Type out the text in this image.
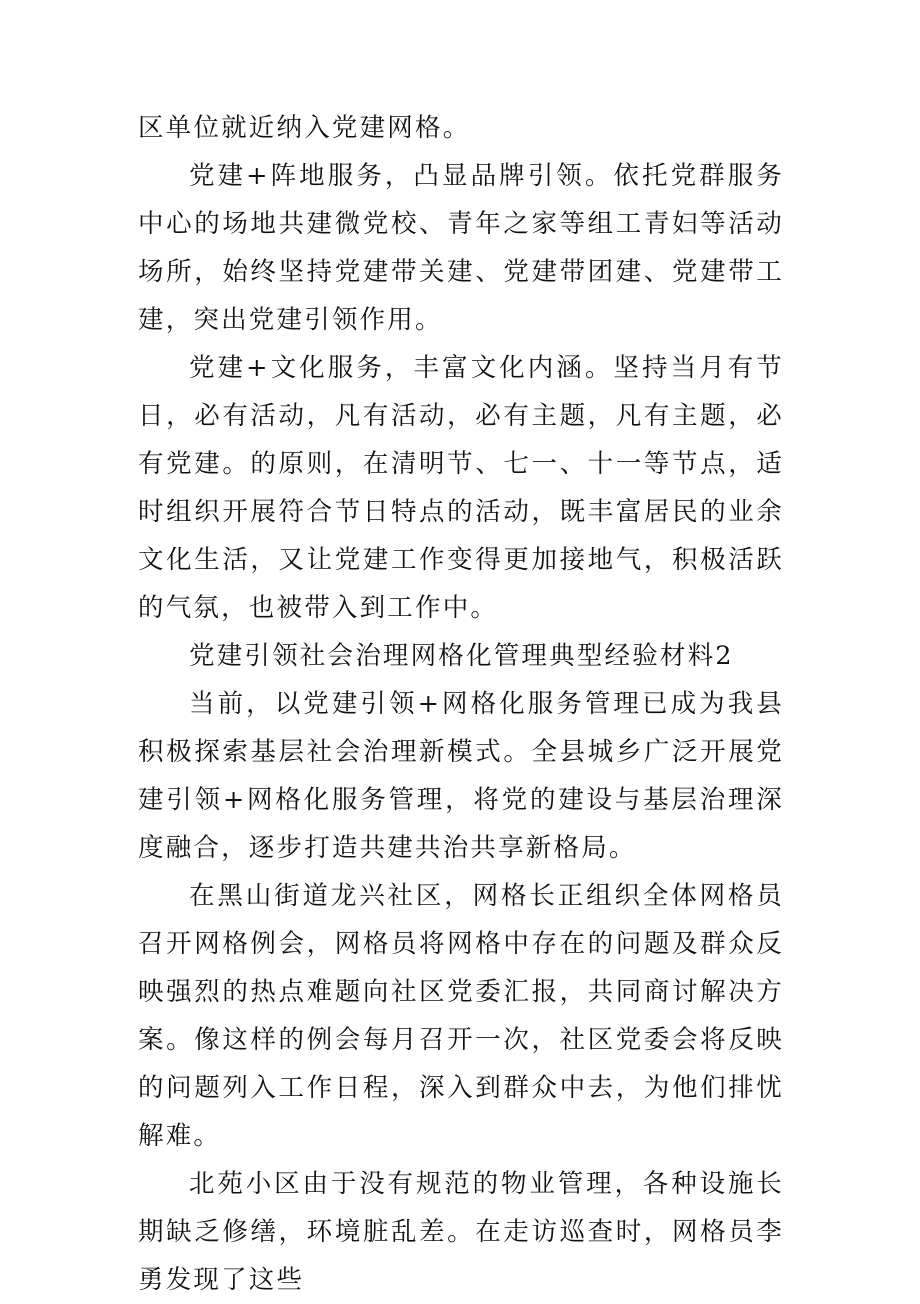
区单位就近纳入党建网格。

党建+阵地服务，凸显品牌引领。依托党群服务中心的场地共建微党校、青年之家等组工青妇等活动场所，始终坚持党建带关建、党建带团建、党建带工建，突出党建引领作用。

党建+文化服务，丰富文化内涵。坚持当月有节日，必有活动，凡有活动，必有主题，凡有主题，必有党建。的原则，在清明节、七一、十一等节点，适时组织开展符合节日特点的活动，既丰富居民的业余文化生活，又让党建工作变得更加接地气，积极活跃的气氛，也被带入到工作中。

党建引领社会治理网格化管理典型经验材料2

当前，以党建引领+网格化服务管理已成为我县积极探索基层社会治理新模式。全县城乡广泛开展党建引领+网格化服务管理，将党的建设与基层治理深度融合，逐步打造共建共治共享新格局。

在黑山街道龙兴社区，网格长正组织全体网格员召开网格例会，网格员将网格中存在的问题及群众反映强烈的热点难题向社区党委汇报，共同商讨解决方案。像这样的例会每月召开一次，社区党委会将反映的问题列入工作日程，深入到群众中去，为他们排忧解难。

北苑小区由于没有规范的物业管理，各种设施长期缺乏修缮，环境脏乱差。在走访巡查时，网格员李勇发现了这些
